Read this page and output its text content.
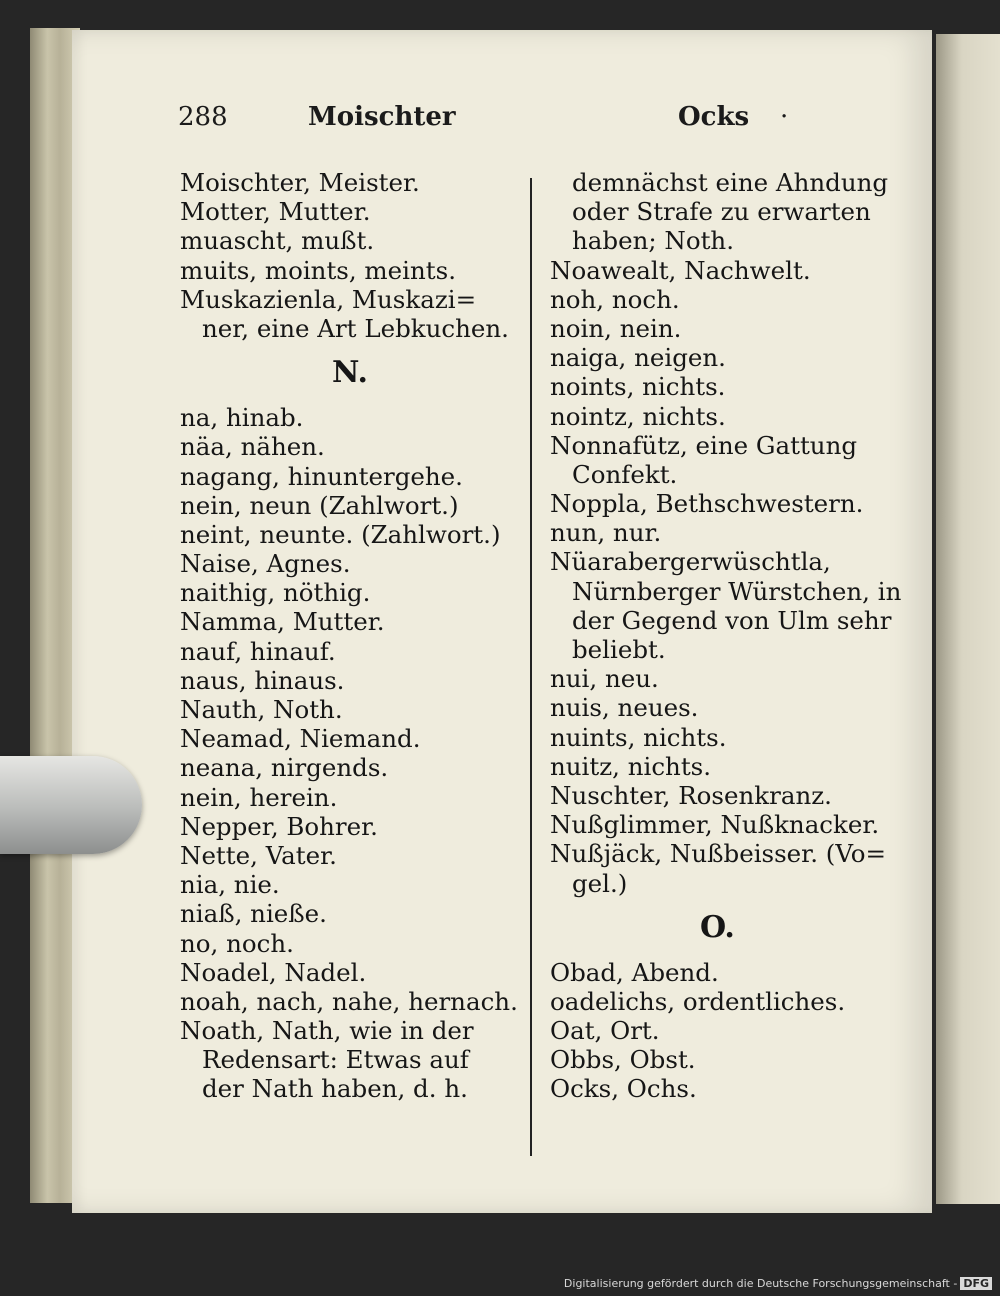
288	Moischter	Ocks ·
Moischter, Meister.
Motter, Mutter.
muascht, mußt.
muits, moints, meints.
Muskazienla, Muskazi=
ner, eine Art Lebkuchen.
N.
na, hinab.
näa, nähen.
nagang, hinuntergehe.
nein, neun (Zahlwort.)
neint, neunte. (Zahlwort.)
Naise, Agnes.
naithig, nöthig.
Namma, Mutter.
nauf, hinauf.
naus, hinaus.
Nauth, Noth.
Neamad, Niemand.
neana, nirgends.
nein, herein.
Nepper, Bohrer.
Nette, Vater.
nia, nie.
niaß, nieße.
no, noch.
Noadel, Nadel.
noah, nach, nahe, hernach.
Noath, Nath, wie in der
Redensart: Etwas auf
der Nath haben, d. h.
demnächst eine Ahndung
oder Strafe zu erwarten
haben; Noth.
Noawealt, Nachwelt.
noh, noch.
noin, nein.
naiga, neigen.
noints, nichts.
nointz, nichts.
Nonnafütz, eine Gattung
Confekt.
Noppla, Bethschwestern.
nun, nur.
Nüarabergerwüschtla,
Nürnberger Würstchen, in
der Gegend von Ulm sehr
beliebt.
nui, neu.
nuis, neues.
nuints, nichts.
nuitz, nichts.
Nuschter, Rosenkranz.
Nußglimmer, Nußknacker.
Nußjäck, Nußbeisser. (Vo=
gel.)
O.
Obad, Abend.
oadelichs, ordentliches.
Oat, Ort.
Obbs, Obst.
Ocks, Ochs.
Digitalisierung gefördert durch die Deutsche Forschungsgemeinschaft - DFG
